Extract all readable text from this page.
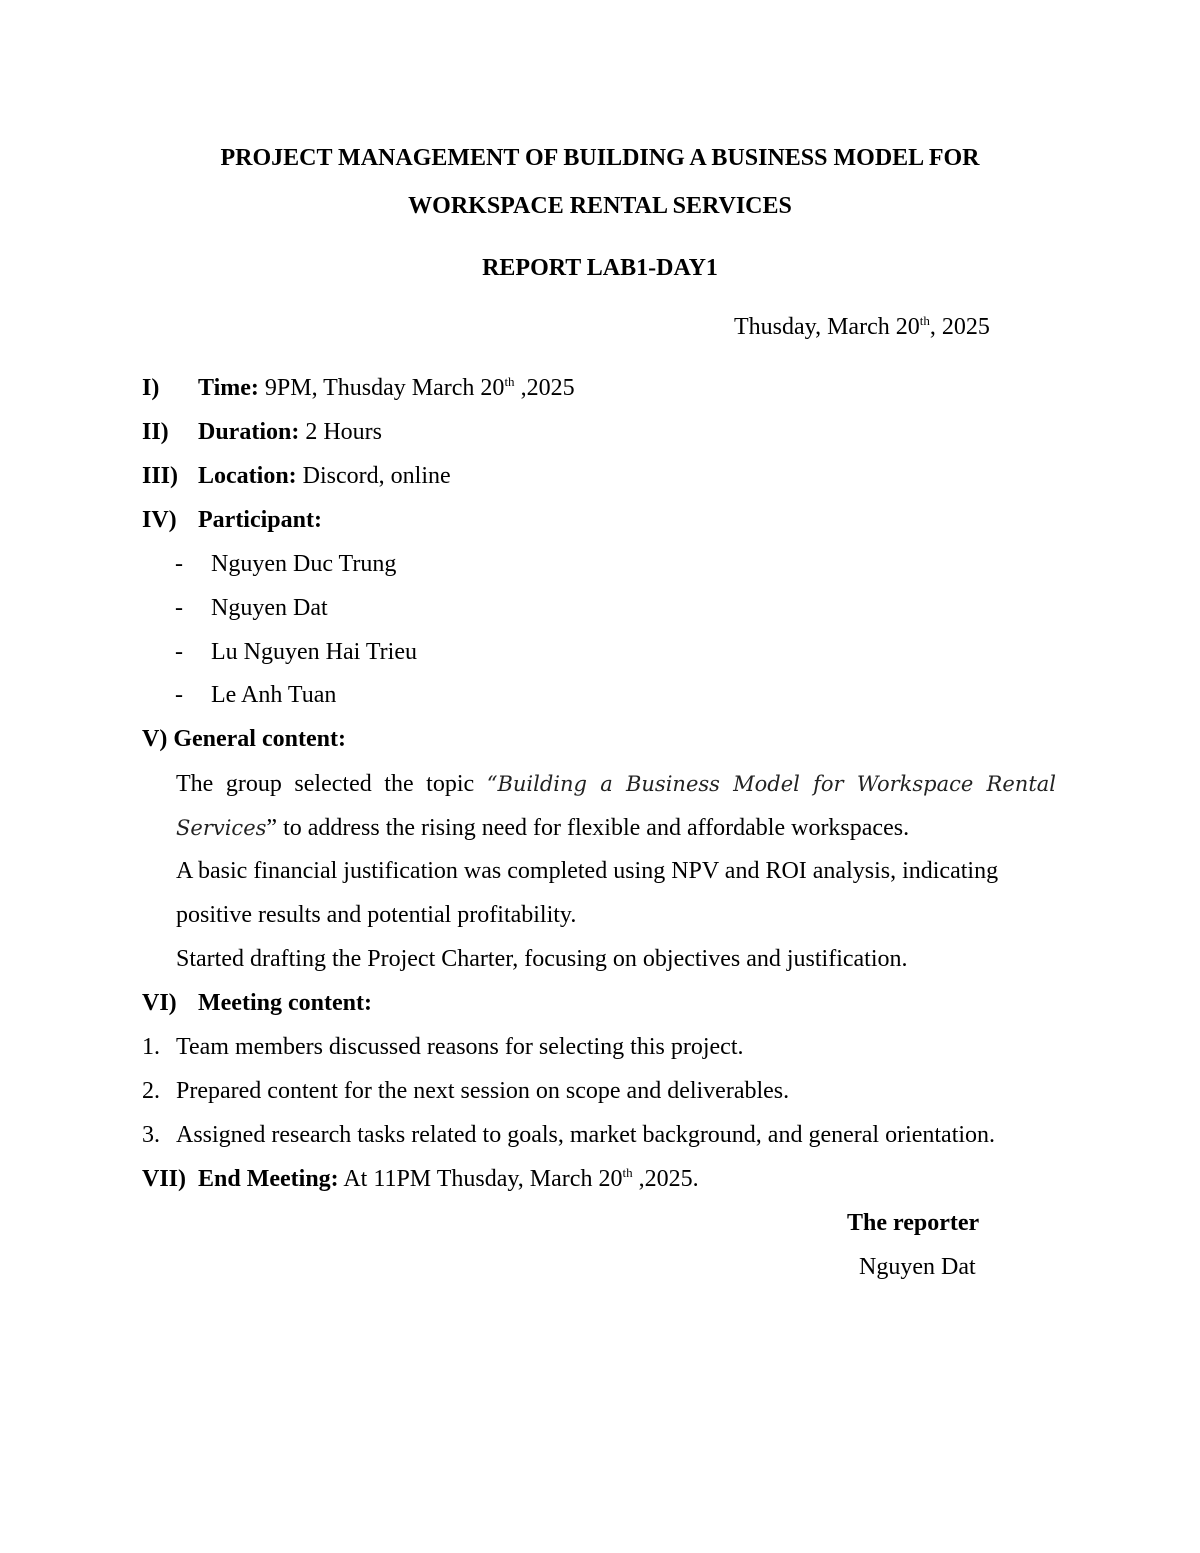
PROJECT MANAGEMENT OF BUILDING A BUSINESS MODEL FOR
WORKSPACE RENTAL SERVICES
REPORT LAB1-DAY1
Thusday, March 20th, 2025
I) Time: 9PM, Thusday March 20th ,2025
II) Duration: 2 Hours
III) Location: Discord, online
IV) Participant:
- Nguyen Duc Trung
- Nguyen Dat
- Lu Nguyen Hai Trieu
- Le Anh Tuan
V) General content:
The group selected the topic “Building a Business Model for Workspace Rental
Services” to address the rising need for flexible and affordable workspaces.
A basic financial justification was completed using NPV and ROI analysis, indicating
positive results and potential profitability.
Started drafting the Project Charter, focusing on objectives and justification.
VI) Meeting content:
1. Team members discussed reasons for selecting this project.
2. Prepared content for the next session on scope and deliverables.
3. Assigned research tasks related to goals, market background, and general orientation.
VII) End Meeting: At 11PM Thusday, March 20th ,2025.
The reporter
Nguyen Dat
